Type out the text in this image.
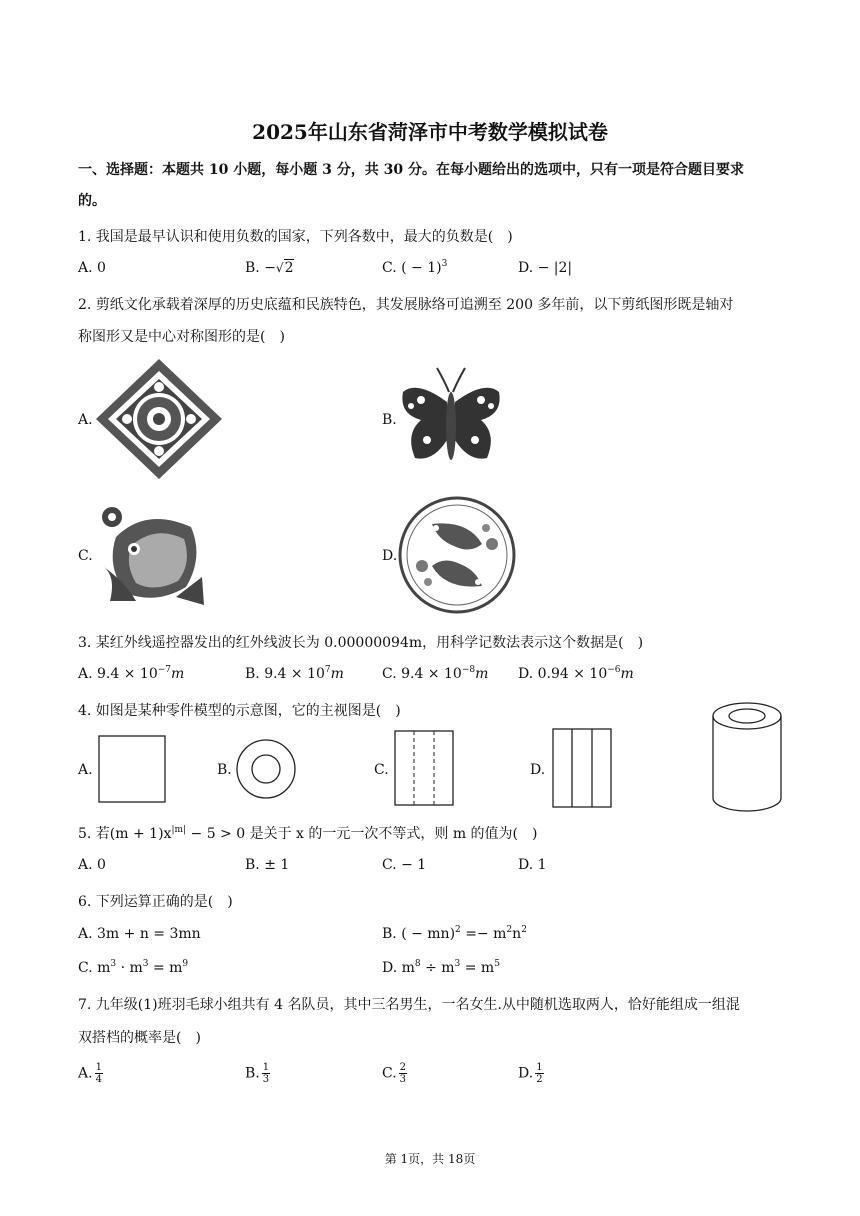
2025年山东省菏泽市中考数学模拟试卷
一、选择题：本题共 10 小题，每小题 3 分，共 30 分。在每小题给出的选项中，只有一项是符合题目要求
的。
1. 我国是最早认识和使用负数的国家，下列各数中，最大的负数是(　)
A. 0	B. −√2	C. ( − 1)$^3$	D. − |2|
2. 剪纸文化承载着深厚的历史底蕴和民族特色，其发展脉络可追溯至 200 多年前，以下剪纸图形既是轴对
称图形又是中心对称图形的是(　)
A.	B.
C.	D.
3. 某红外线遥控器发出的红外线波长为 0.00000094m，用科学记数法表示这个数据是(　)
A. $9.4 \times 10^{-7}m$	B. $9.4 \times 10^7m$	C. $9.4 \times 10^{-8}m$ D. $0.94 \times 10^{-6}m$
4. 如图是某种零件模型的示意图，它的主视图是(　)
A.	B.	C.	D.
5. 若$(m + 1)x^{|m|} - 5 > 0$ 是关于 x 的一元一次不等式，则 m 的值为(　)
A. 0	B. ± 1	C. − 1	D. 1
6. 下列运算正确的是(　)
A. 3m + n = 3mn	B. ( − $mn)^2 =- m^2n^2$
C. $m^3 \cdot m^3 = m^9$	D. $m^8 \div m^3 = m^5$
7. 九年级(1)班羽毛球小组共有 4 名队员，其中三名男生，一名女生.从中随机选取两人，恰好能组成一组混
双搭档的概率是(　)
A. $\frac{1}{4}$	B. $\frac{1}{3}$	C. $\frac{2}{3}$	D. $\frac{1}{2}$
第 1页，共 18页
